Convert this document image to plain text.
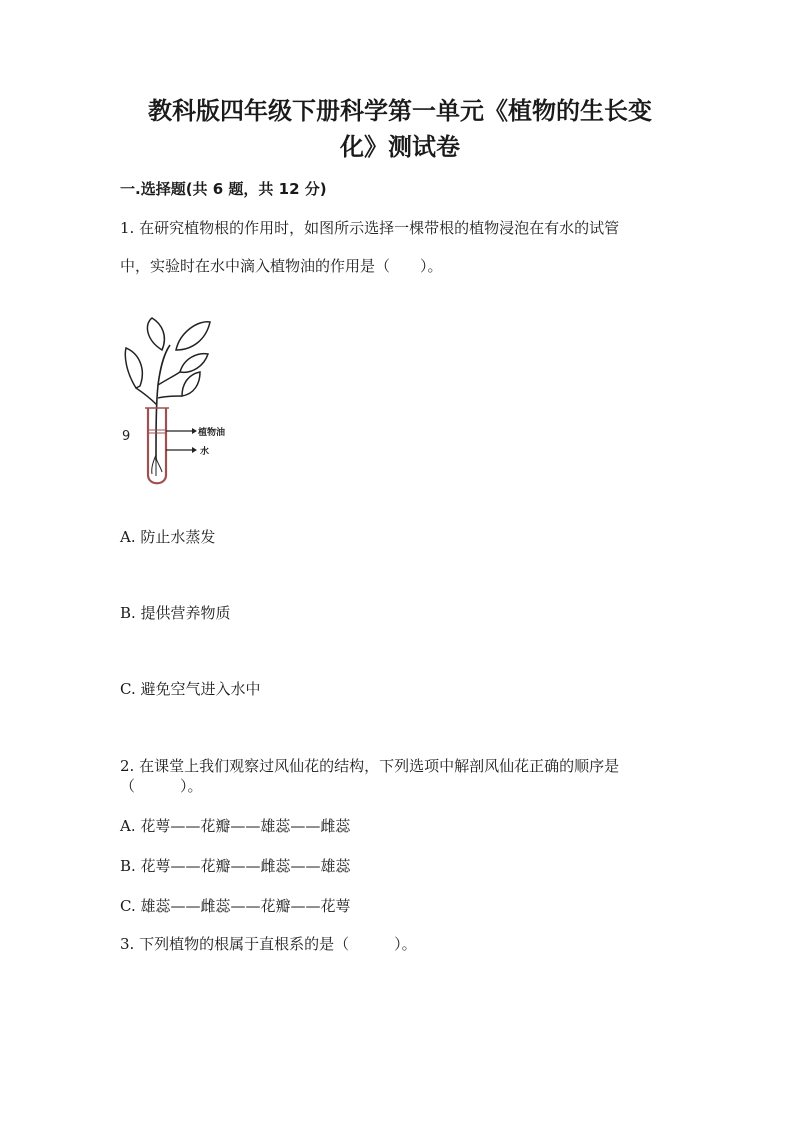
教科版四年级下册科学第一单元《植物的生长变
化》测试卷
一.选择题(共 6 题，共 12 分)
1. 在研究植物根的作用时，如图所示选择一棵带根的植物浸泡在有水的试管
中，实验时在水中滴入植物油的作用是（　　）。
9	植物油
水
A. 防止水蒸发
B. 提供营养物质
C. 避免空气进入水中
2. 在课堂上我们观察过风仙花的结构，下列选项中解剖风仙花正确的顺序是
（　　　）。
A. 花萼——花瓣——雄蕊——雌蕊
B. 花萼——花瓣——雌蕊——雄蕊
C. 雄蕊——雌蕊——花瓣——花萼
3. 下列植物的根属于直根系的是（　　　）。
